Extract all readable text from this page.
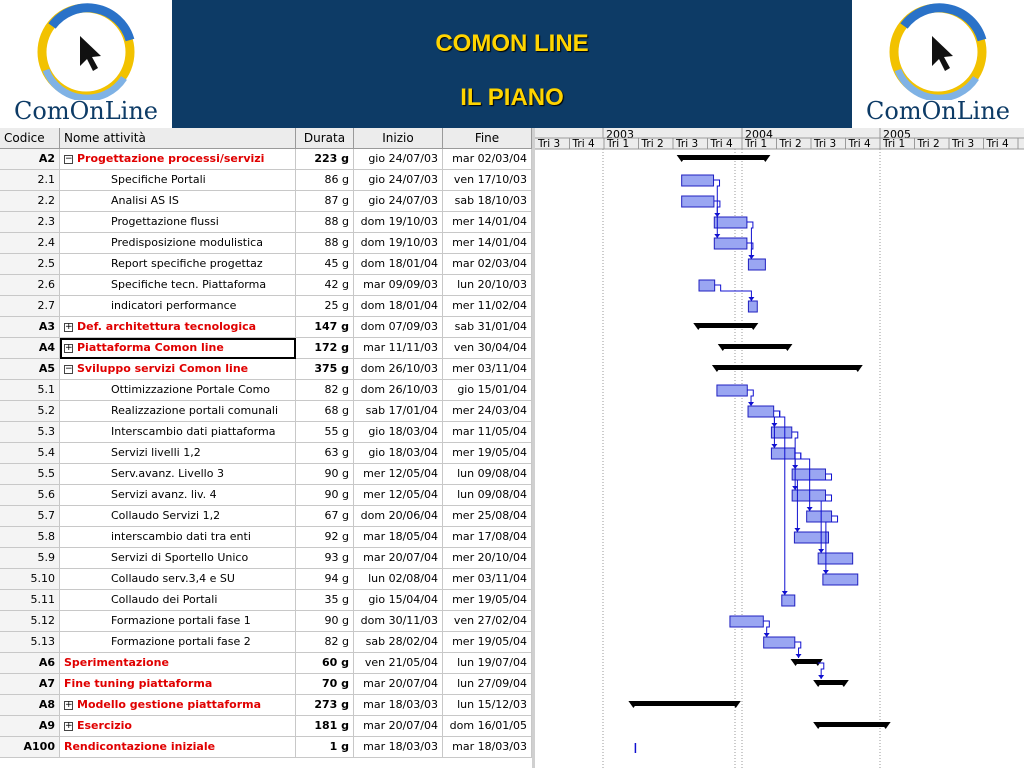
ComOnLine	ComOnLine
COMON LINE
IL PIANO
Codice	Nome attività	Durata	Inizio	Fine
A2	− Progettazione processi/servizi	223 g	gio 24/07/03	mar 02/03/04
2.1	Specifiche Portali	86 g	gio 24/07/03	ven 17/10/03
2.2	Analisi AS IS	87 g	gio 24/07/03	sab 18/10/03
2.3	Progettazione flussi	88 g	dom 19/10/03	mer 14/01/04
2.4	Predisposizione modulistica	88 g	dom 19/10/03	mer 14/01/04
2.5	Report specifiche progettaz	45 g	dom 18/01/04	mar 02/03/04
2.6	Specifiche tecn. Piattaforma	42 g	mar 09/09/03	lun 20/10/03
2.7	indicatori performance	25 g	dom 18/01/04	mer 11/02/04
A3	+ Def. architettura tecnologica	147 g	dom 07/09/03	sab 31/01/04
A4	+ Piattaforma Comon line	172 g	mar 11/11/03	ven 30/04/04
A5	− Sviluppo servizi Comon line	375 g	dom 26/10/03	mer 03/11/04
5.1	Ottimizzazione Portale Como	82 g	dom 26/10/03	gio 15/01/04
5.2	Realizzazione portali comunali	68 g	sab 17/01/04	mer 24/03/04
5.3	Interscambio dati piattaforma	55 g	gio 18/03/04	mar 11/05/04
5.4	Servizi livelli 1,2	63 g	gio 18/03/04	mer 19/05/04
5.5	Serv.avanz. Livello 3	90 g	mer 12/05/04	lun 09/08/04
5.6	Servizi avanz. liv. 4	90 g	mer 12/05/04	lun 09/08/04
5.7	Collaudo Servizi 1,2	67 g	dom 20/06/04	mer 25/08/04
5.8	interscambio dati tra enti	92 g	mar 18/05/04	mar 17/08/04
5.9	Servizi di Sportello Unico	93 g	mar 20/07/04	mer 20/10/04
5.10	Collaudo serv.3,4 e SU	94 g	lun 02/08/04	mer 03/11/04
5.11	Collaudo dei Portali	35 g	gio 15/04/04	mer 19/05/04
5.12	Formazione portali fase 1	90 g	dom 30/11/03	ven 27/02/04
5.13	Formazione portali fase 2	82 g	sab 28/02/04	mer 19/05/04
A6 Sperimentazione	60 g	ven 21/05/04	lun 19/07/04
A7 Fine tuning piattaforma	70 g	mar 20/07/04	lun 27/09/04
A8	+ Modello gestione piattaforma	273 g	mar 18/03/03	lun 15/12/03
A9	+ Esercizio	181 g	mar 20/07/04	dom 16/01/05
A100 Rendicontazione iniziale	1 g	mar 18/03/03	mar 18/03/03
2003	2004	2005
Tri 3 Tri 4 Tri 1 Tri 2 Tri 3 Tri 4 Tri 1 Tri 2 Tri 3 Tri 4 Tri 1 Tri 2 Tri 3 Tri 4
